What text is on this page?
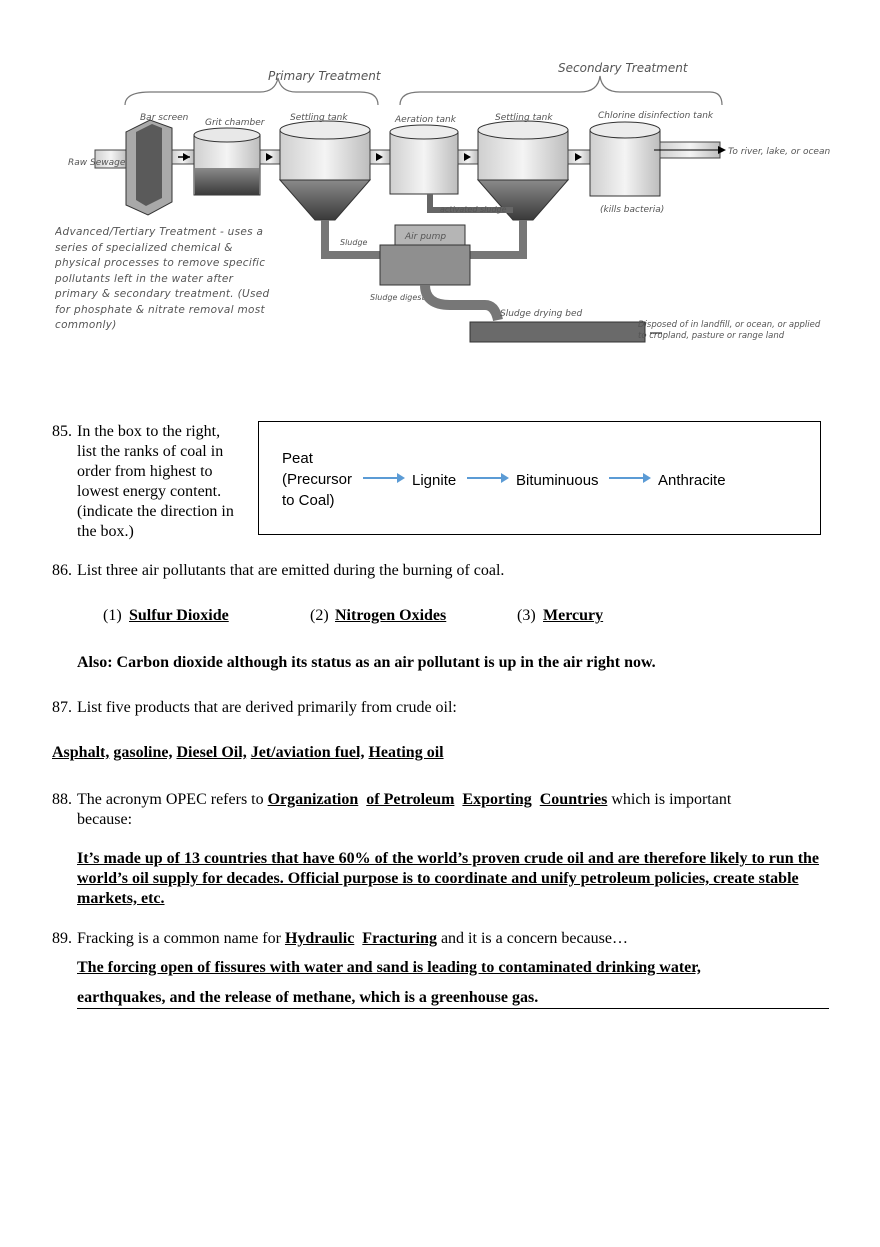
Primary Treatment
Secondary Treatment
Raw Sewage
Bar screen Grit chamber	Settling tank	Aeration tank	Settling tank	Chlorine disinfection tank
(kills bacteria)
To river, lake, or ocean
activated sludge
Sludge
Air pump
Sludge digester
Sludge drying bed
Disposed of in landfill, or ocean, or applied to cropland, pasture or range land
Advanced/Tertiary Treatment - uses a series of specialized chemical & physical processes to remove specific pollutants left in the water after primary & secondary treatment. (Used for phosphate & nitrate removal most commonly)
85. In the box to the right, list the ranks of coal in order from highest to lowest energy content. (indicate the direction in the box.)
Peat (Precursor to Coal)
Lignite	Bituminuous	Anthracite
86. List three air pollutants that are emitted during the burning of coal.
(1) Sulfur Dioxide	(2) Nitrogen Oxides	(3) Mercury
Also: Carbon dioxide although its status as an air pollutant is up in the air right now.
87. List five products that are derived primarily from crude oil:
Asphalt, gasoline, Diesel Oil, Jet/aviation fuel, Heating oil
88. The acronym OPEC refers to Organization of Petroleum Exporting Countries which is important
because:
It’s made up of 13 countries that have 60% of the world’s proven crude oil and are therefore likely to run the world’s oil supply for decades. Official purpose is to coordinate and unify petroleum policies, create stable markets, etc.
89. Fracking is a common name for Hydraulic Fracturing and it is a concern because…
The forcing open of fissures with water and sand is leading to contaminated drinking water,
earthquakes, and the release of methane, which is a greenhouse gas.
